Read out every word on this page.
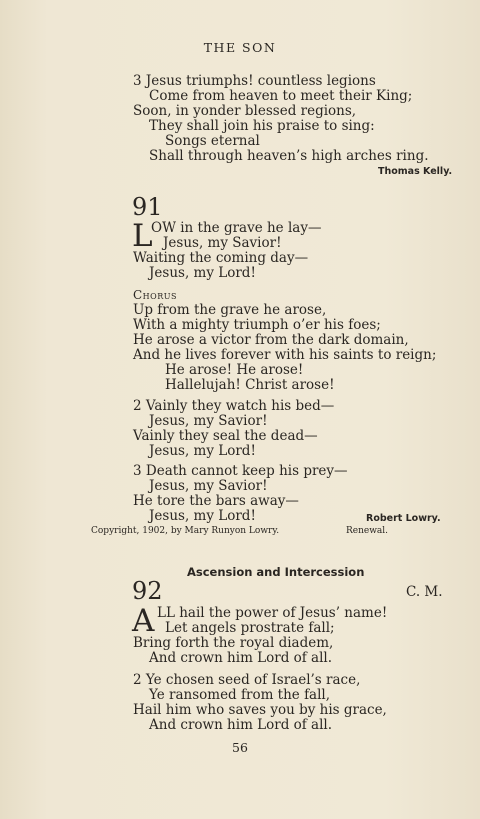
THE SON
3 Jesus triumphs! countless legions
Come from heaven to meet their King;
Soon, in yonder blessed regions,
They shall join his praise to sing:
Songs eternal
Shall through heaven’s high arches ring.
Thomas Kelly.
91
L
OW in the grave he lay—
Jesus, my Savior!
Waiting the coming day—
Jesus, my Lord!
Chorus
Up from the grave he arose,
With a mighty triumph o’er his foes;
He arose a victor from the dark domain,
And he lives forever with his saints to reign;
He arose! He arose!
Hallelujah! Christ arose!
2 Vainly they watch his bed—
Jesus, my Savior!
Vainly they seal the dead—
Jesus, my Lord!
3 Death cannot keep his prey—
Jesus, my Savior!
He tore the bars away—
Jesus, my Lord!	Robert Lowry.
Copyright, 1902, by Mary Runyon Lowry.	Renewal.
Ascension and Intercession
92	C. M.
A LL hail the power of Jesus’ name!
Let angels prostrate fall;
Bring forth the royal diadem,
And crown him Lord of all.
2 Ye chosen seed of Israel’s race,
Ye ransomed from the fall,
Hail him who saves you by his grace,
And crown him Lord of all.
56
